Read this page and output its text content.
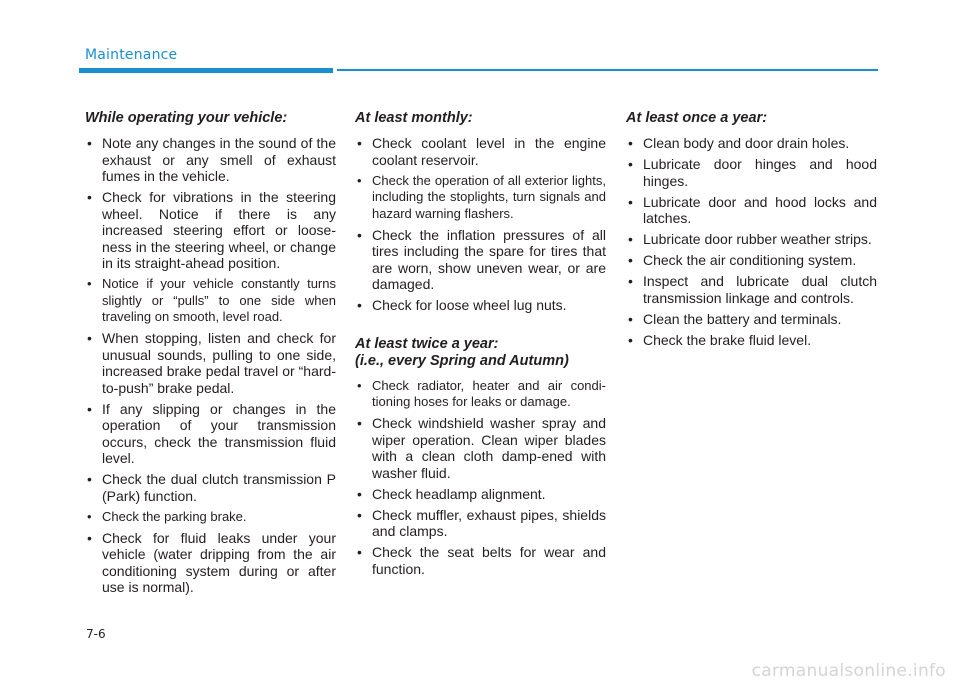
Maintenance
While operating your vehicle:
• Note any changes in the sound of the exhaust or any smell of exhaust fumes in the vehicle.
• Check for vibrations in the steering wheel. Notice if there is any increased steering effort or loose-ness in the steering wheel, or change in its straight-ahead position.
• Notice if your vehicle constantly turns slightly or “pulls” to one side when traveling on smooth, level road.
• When stopping, listen and check for unusual sounds, pulling to one side, increased brake pedal travel or “hard-to-push” brake pedal.
• If any slipping or changes in the operation of your transmission occurs, check the transmission fluid level.
• Check the dual clutch transmission P (Park) function.
• Check the parking brake.
• Check for fluid leaks under your vehicle (water dripping from the air conditioning system during or after use is normal).
At least monthly:
• Check coolant level in the engine coolant reservoir.
• Check the operation of all exterior lights, including the stoplights, turn signals and hazard warning flashers.
• Check the inflation pressures of all tires including the spare for tires that are worn, show uneven wear, or are damaged.
• Check for loose wheel lug nuts.
At least twice a year:
(i.e., every Spring and Autumn)
• Check radiator, heater and air condi-tioning hoses for leaks or damage.
• Check windshield washer spray and wiper operation. Clean wiper blades with a clean cloth damp-ened with washer fluid.
• Check headlamp alignment.
• Check muffler, exhaust pipes, shields and clamps.
• Check the seat belts for wear and function.
At least once a year:
• Clean body and door drain holes.
• Lubricate door hinges and hood hinges.
• Lubricate door and hood locks and latches.
• Lubricate door rubber weather strips.
• Check the air conditioning system.
• Inspect and lubricate dual clutch transmission linkage and controls.
• Clean the battery and terminals.
• Check the brake fluid level.
7-6
carmanualsonline.info
